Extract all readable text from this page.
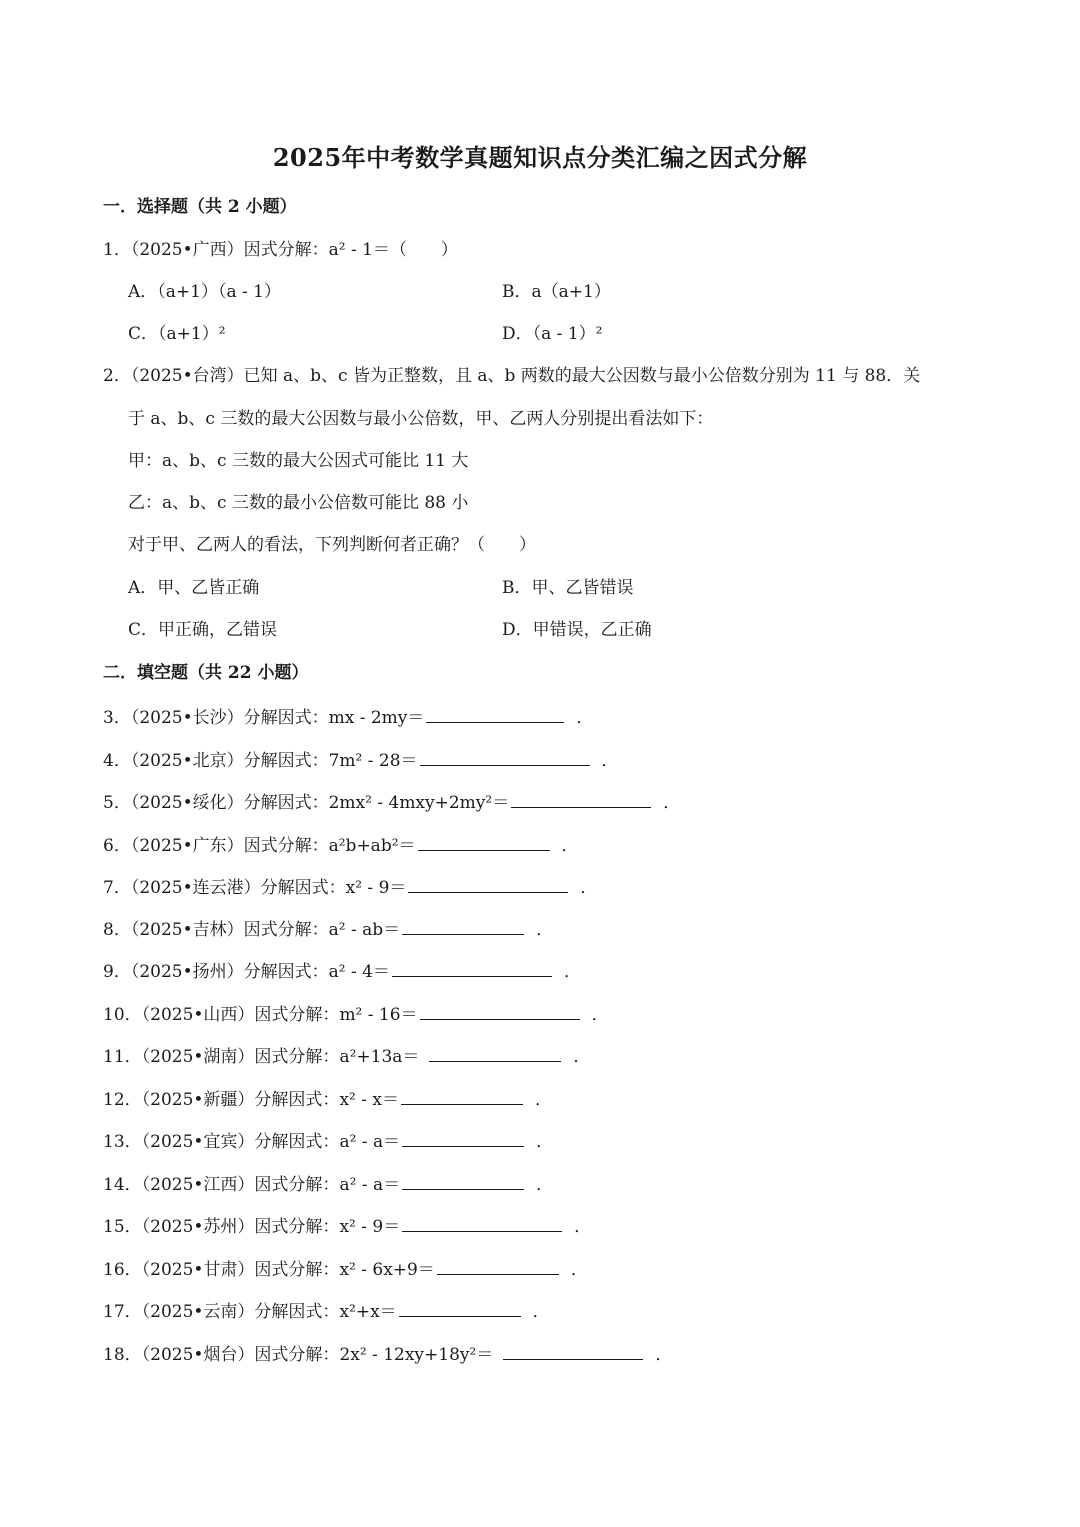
2025年中考数学真题知识点分类汇编之因式分解
一．选择题（共 2 小题）
1．（2025•广西）因式分解：a² - 1＝（　　）
A．（a+1）（a - 1）	B．a（a+1）
C．（a+1）²	D．（a - 1）²
2．（2025•台湾）已知 a、b、c 皆为正整数，且 a、b 两数的最大公因数与最小公倍数分别为 11 与 88．关
于 a、b、c 三数的最大公因数与最小公倍数，甲、乙两人分别提出看法如下：
甲：a、b、c 三数的最大公因式可能比 11 大
乙：a、b、c 三数的最小公倍数可能比 88 小
对于甲、乙两人的看法，下列判断何者正确？（　　）
A．甲、乙皆正确	B．甲、乙皆错误
C．甲正确，乙错误	D．甲错误，乙正确
二．填空题（共 22 小题）
3．（2025•长沙）分解因式：mx - 2my＝	．
4．（2025•北京）分解因式：7m² - 28＝	．
5．（2025•绥化）分解因式：2mx² - 4mxy+2my²＝	．
6．（2025•广东）因式分解：a²b+ab²＝	．
7．（2025•连云港）分解因式：x² - 9＝	．
8．（2025•吉林）因式分解：a² - ab＝	．
9．（2025•扬州）分解因式：a² - 4＝	．
10．（2025•山西）因式分解：m² - 16＝	．
11．（2025•湖南）因式分解：a²+13a＝	．
12．（2025•新疆）分解因式：x² - x＝	．
13．（2025•宜宾）分解因式：a² - a＝	．
14．（2025•江西）因式分解：a² - a＝	．
15．（2025•苏州）因式分解：x² - 9＝	．
16．（2025•甘肃）因式分解：x² - 6x+9＝	．
17．（2025•云南）分解因式：x²+x＝	．
18．（2025•烟台）因式分解：2x² - 12xy+18y²＝	．
